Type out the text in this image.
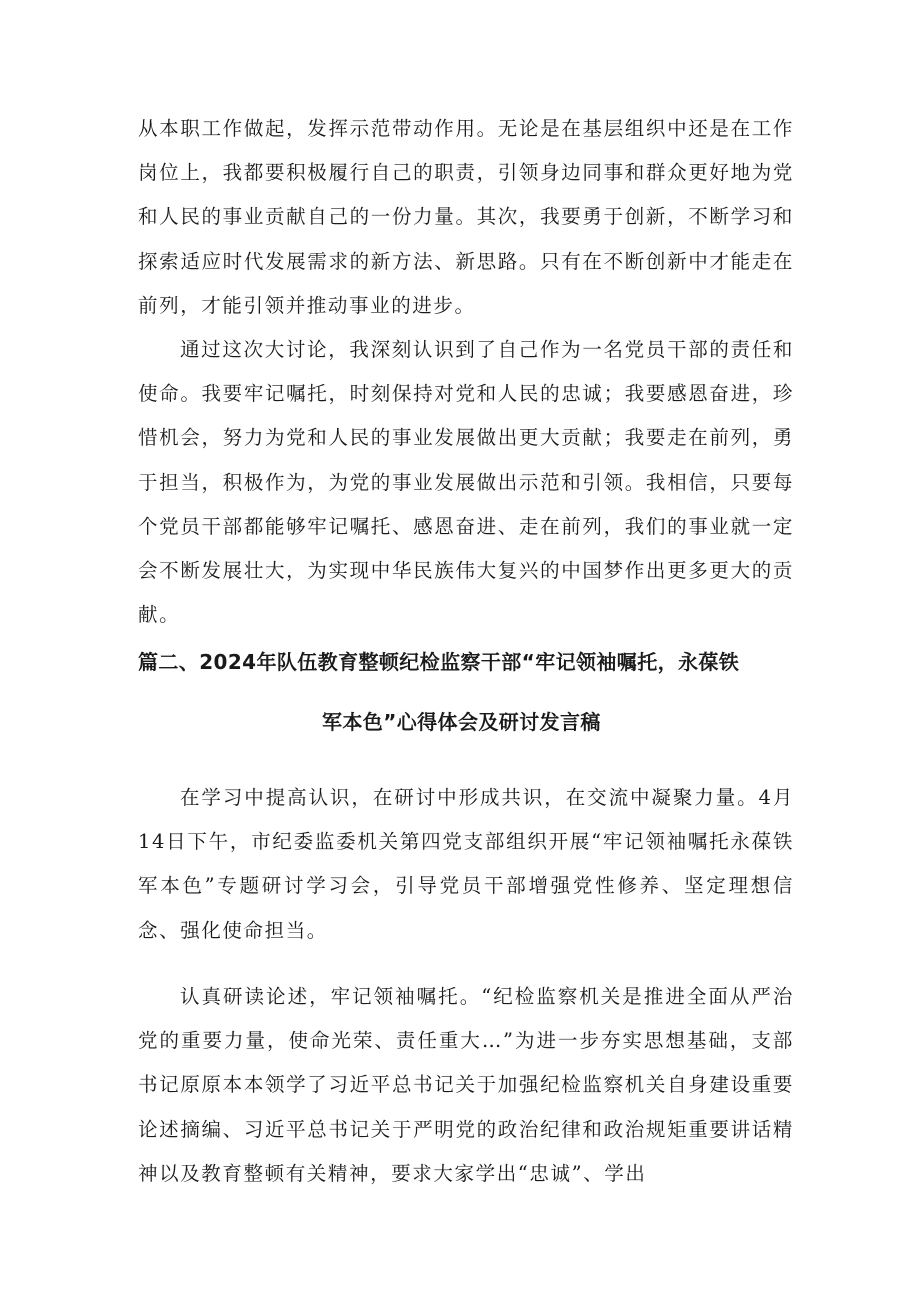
从本职工作做起，发挥示范带动作用。无论是在基层组织中还是在工作岗位上，我都要积极履行自己的职责，引领身边同事和群众更好地为党和人民的事业贡献自己的一份力量。其次，我要勇于创新，不断学习和探索适应时代发展需求的新方法、新思路。只有在不断创新中才能走在前列，才能引领并推动事业的进步。

通过这次大讨论，我深刻认识到了自己作为一名党员干部的责任和使命。我要牢记嘱托，时刻保持对党和人民的忠诚；我要感恩奋进，珍惜机会，努力为党和人民的事业发展做出更大贡献；我要走在前列，勇于担当，积极作为，为党的事业发展做出示范和引领。我相信，只要每个党员干部都能够牢记嘱托、感恩奋进、走在前列，我们的事业就一定会不断发展壮大，为实现中华民族伟大复兴的中国梦作出更多更大的贡献。

篇二、2024年队伍教育整顿纪检监察干部“牢记领袖嘱托，永葆铁
军本色”心得体会及研讨发言稿

在学习中提高认识，在研讨中形成共识，在交流中凝聚力量。4月14日下午，市纪委监委机关第四党支部组织开展“牢记领袖嘱托永葆铁军本色”专题研讨学习会，引导党员干部增强党性修养、坚定理想信念、强化使命担当。

认真研读论述，牢记领袖嘱托。“纪检监察机关是推进全面从严治党的重要力量，使命光荣、责任重大…”为进一步夯实思想基础，支部书记原原本本领学了习近平总书记关于加强纪检监察机关自身建设重要论述摘编、习近平总书记关于严明党的政治纪律和政治规矩重要讲话精神以及教育整顿有关精神，要求大家学出“忠诚”、学出
